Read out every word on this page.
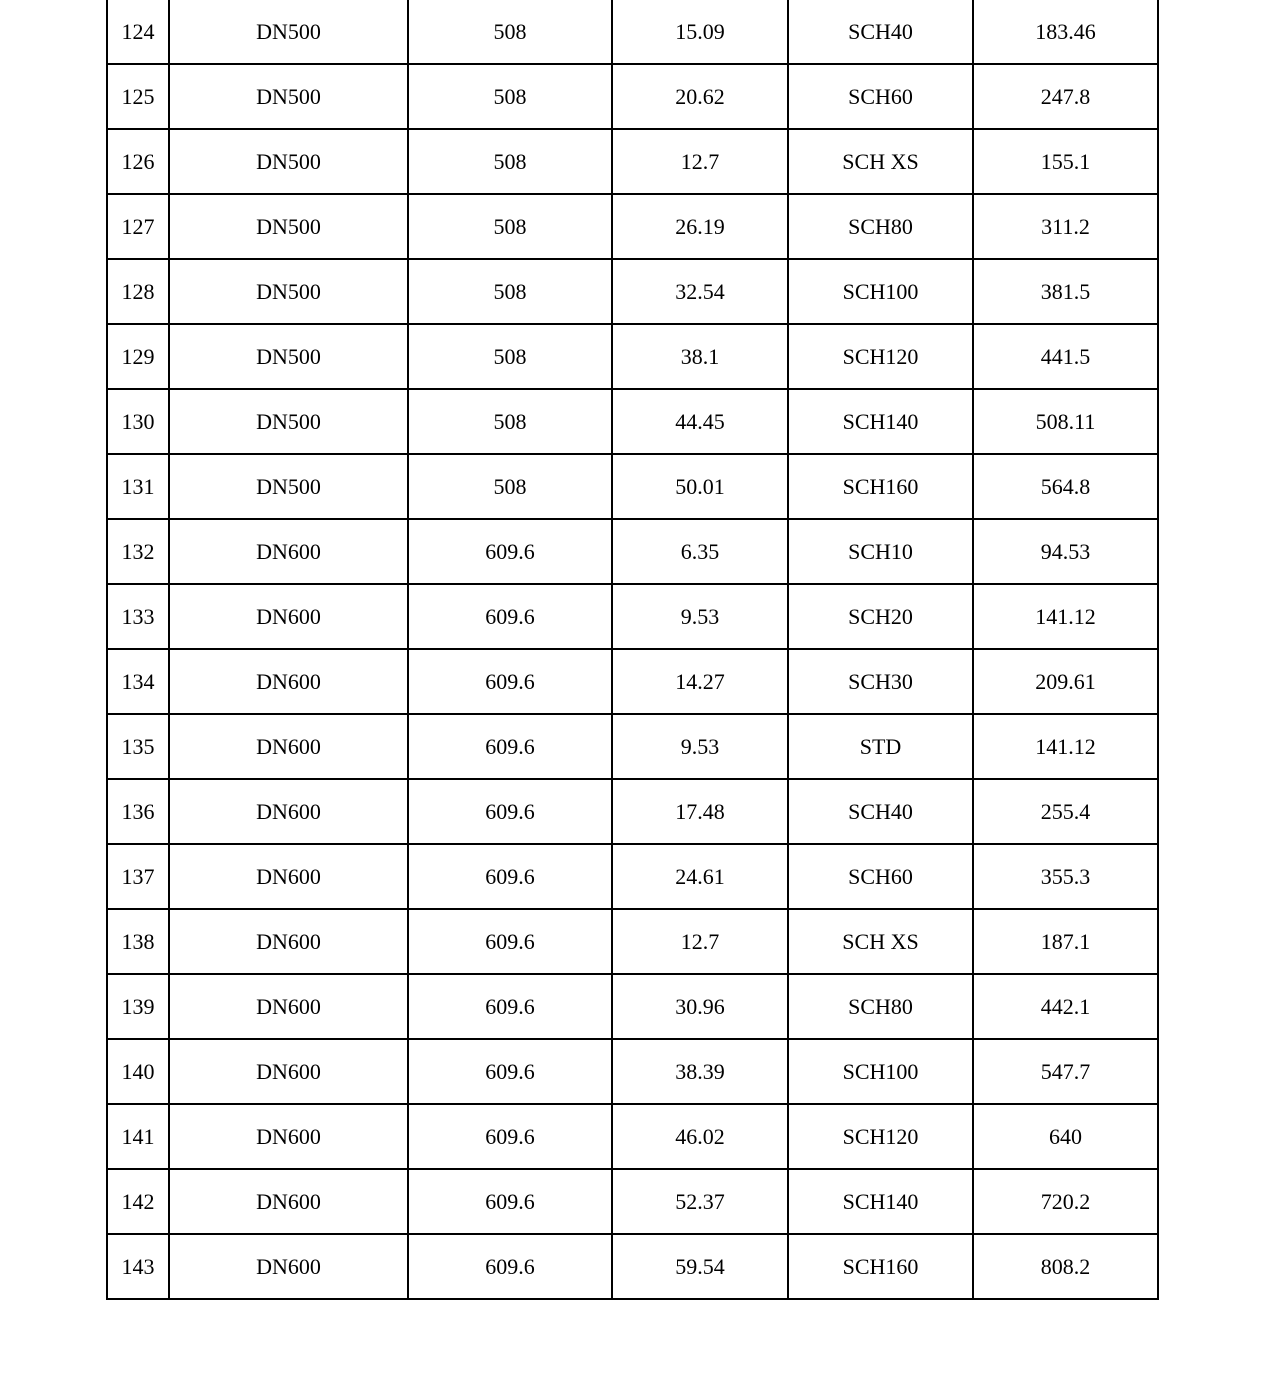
124	DN500	508	15.09	SCH40	183.46
125	DN500	508	20.62	SCH60	247.8
126	DN500	508	12.7	SCH XS	155.1
127	DN500	508	26.19	SCH80	311.2
128	DN500	508	32.54	SCH100	381.5
129	DN500	508	38.1	SCH120	441.5
130	DN500	508	44.45	SCH140	508.11
131	DN500	508	50.01	SCH160	564.8
132	DN600	609.6	6.35	SCH10	94.53
133	DN600	609.6	9.53	SCH20	141.12
134	DN600	609.6	14.27	SCH30	209.61
135	DN600	609.6	9.53	STD	141.12
136	DN600	609.6	17.48	SCH40	255.4
137	DN600	609.6	24.61	SCH60	355.3
138	DN600	609.6	12.7	SCH XS	187.1
139	DN600	609.6	30.96	SCH80	442.1
140	DN600	609.6	38.39	SCH100	547.7
141	DN600	609.6	46.02	SCH120	640
142	DN600	609.6	52.37	SCH140	720.2
143	DN600	609.6	59.54	SCH160	808.2
